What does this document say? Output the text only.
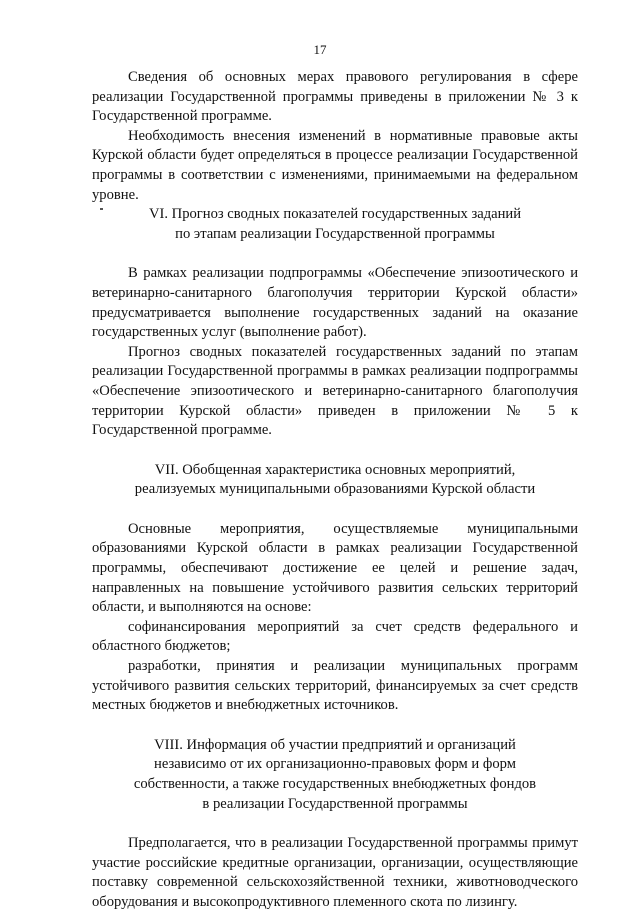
17

Сведения об основных мерах правового регулирования в сфере реализации Государственной программы приведены в приложении № 3 к Государственной программе.

Необходимость внесения изменений в нормативные правовые акты Курской области будет определяться в процессе реализации Государственной программы в соответствии с изменениями, принимаемыми на федеральном уровне.

VI. Прогноз сводных показателей государственных заданий
по этапам реализации Государственной программы

В рамках реализации подпрограммы «Обеспечение эпизоотического и ветеринарно-санитарного благополучия территории Курской области» предусматривается выполнение государственных заданий на оказание государственных услуг (выполнение работ).

Прогноз сводных показателей государственных заданий по этапам реализации Государственной программы в рамках реализации подпрограммы «Обеспечение эпизоотического и ветеринарно-санитарного благополучия территории Курской области» приведен в приложении № 5 к Государственной программе.

VII. Обобщенная характеристика основных мероприятий,
реализуемых муниципальными образованиями Курской области

Основные мероприятия, осуществляемые муниципальными образованиями Курской области в рамках реализации Государственной программы, обеспечивают достижение ее целей и решение задач, направленных на повышение устойчивого развития сельских территорий области, и выполняются на основе:

софинансирования мероприятий за счет средств федерального и областного бюджетов;

разработки, принятия и реализации муниципальных программ устойчивого развития сельских территорий, финансируемых за счет средств местных бюджетов и внебюджетных источников.

VIII. Информация об участии предприятий и организаций
независимо от их организационно-правовых форм и форм
собственности, а также государственных внебюджетных фондов
в реализации Государственной программы

Предполагается, что в реализации Государственной программы примут участие российские кредитные организации, организации, осуществляющие поставку современной сельскохозяйственной техники, животноводческого оборудования и высокопродуктивного племенного скота по лизингу.
